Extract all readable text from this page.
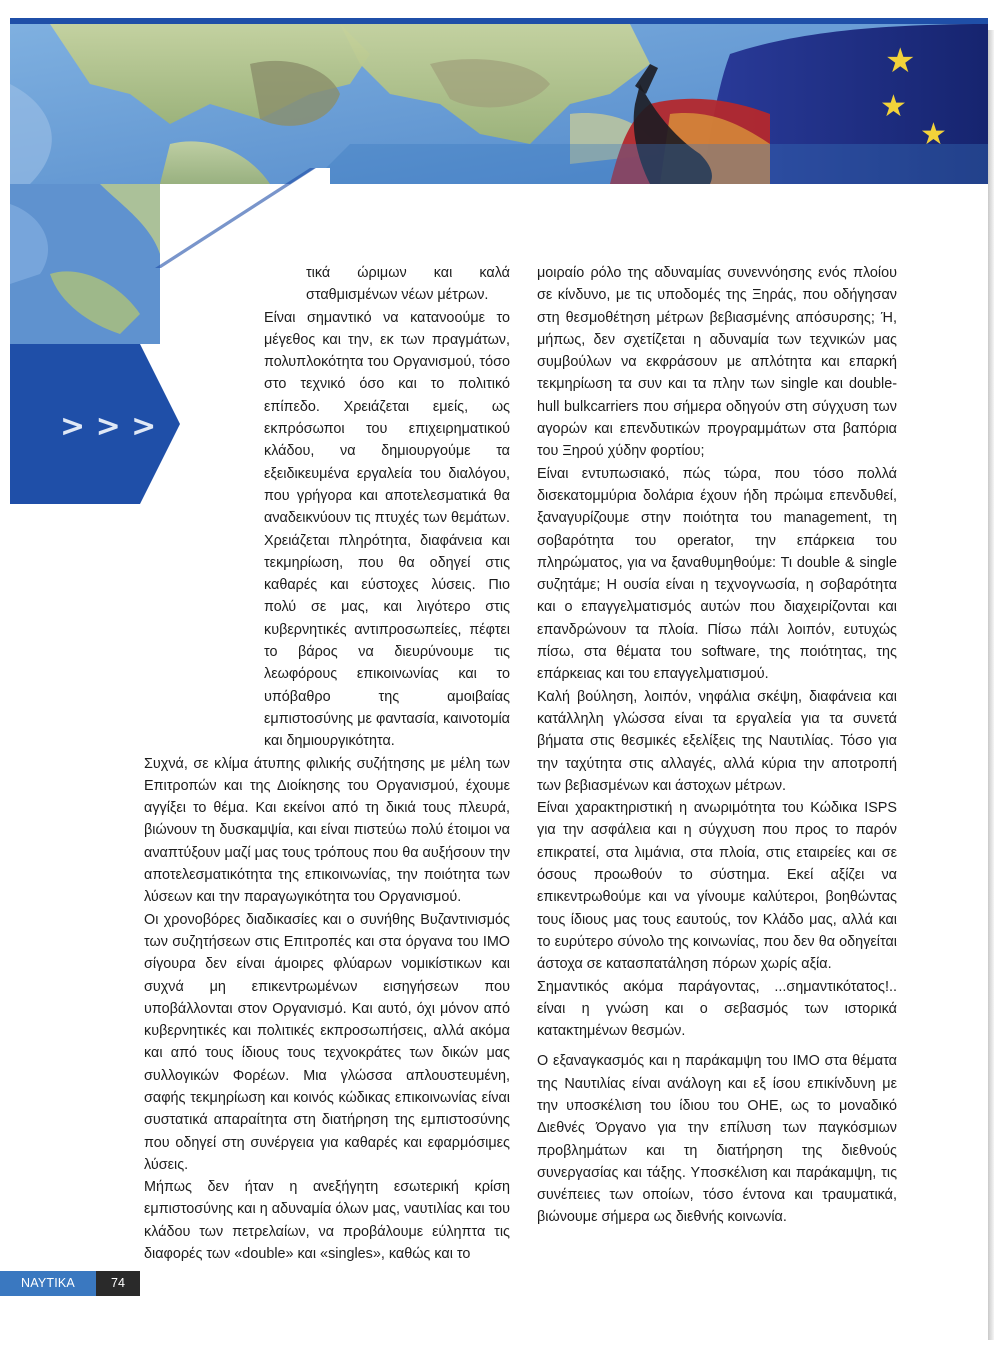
★
★
★
> > >

τικά ώριμων και καλά σταθμισμένων νέων μέτρων.

Είναι σημαντικό να κατανοούμε το μέγεθος και την, εκ των πραγμάτων, πολυπλοκότητα του Οργανισμού, τόσο στο τεχνικό όσο και το πολιτικό επίπεδο. Χρειάζεται εμείς, ως εκπρόσωποι του επιχειρηματικού κλάδου, να δημιουργούμε τα εξειδικευμένα εργαλεία του διαλόγου, που γρήγορα και αποτελεσματικά θα αναδεικνύουν τις πτυχές των θεμάτων. Χρειάζεται πληρότητα, διαφάνεια και τεκμηρίωση, που θα οδηγεί στις καθαρές και εύστοχες λύσεις. Πιο πολύ σε μας, και λιγότερο στις κυβερνητικές αντιπροσωπείες, πέφτει το βάρος να διευρύνουμε τις λεωφόρους επικοινωνίας και το υπόβαθρο της αμοιβαίας εμπιστοσύνης με φαντασία, καινοτομία και δημιουργικότητα.

Συχνά, σε κλίμα άτυπης φιλικής συζήτησης με μέλη των Επιτροπών και της Διοίκησης του Οργανισμού, έχουμε αγγίξει το θέμα. Και εκείνοι από τη δικιά τους πλευρά, βιώνουν τη δυσκαμψία, και είναι πιστεύω πολύ έτοιμοι να αναπτύξουν μαζί μας τους τρόπους που θα αυξήσουν την αποτελεσματικότητα της επικοινωνίας, την ποιότητα των λύσεων και την παραγωγικότητα του Οργανισμού.

Οι χρονοβόρες διαδικασίες και ο συνήθης Βυζαντινισμός των συζητήσεων στις Επιτροπές και στα όργανα του ΙΜΟ σίγουρα δεν είναι άμοιρες φλύαρων νομικίστικων και συχνά μη επικεντρωμένων εισηγήσεων που υποβάλλονται στον Οργανισμό. Και αυτό, όχι μόνον από κυβερνητικές και πολιτικές εκπροσωπήσεις, αλλά ακόμα και από τους ίδιους τους τεχνοκράτες των δικών μας συλλογικών Φορέων. Μια γλώσσα απλουστευμένη, σαφής τεκμηρίωση και κοινός κώδικας επικοινωνίας είναι συστατικά απαραίτητα στη διατήρηση της εμπιστοσύνης που οδηγεί στη συνέργεια για καθαρές και εφαρμόσιμες λύσεις.

Μήπως δεν ήταν η ανεξήγητη εσωτερική κρίση εμπιστοσύνης και η αδυναμία όλων μας, ναυτιλίας και του κλάδου των πετρελαίων, να προβάλουμε εύληπτα τις διαφορές των «double» και «singles», καθώς και το

μοιραίο ρόλο της αδυναμίας συνεννόησης ενός πλοίου σε κίνδυνο, με τις υποδομές της Ξηράς, που οδήγησαν στη θεσμοθέτηση μέτρων βεβιασμένης απόσυρσης; Ή, μήπως, δεν σχετίζεται η αδυναμία των τεχνικών μας συμβούλων να εκφράσουν με απλότητα και επαρκή τεκμηρίωση τα συν και τα πλην των single και double-hull bulkcarriers που σήμερα οδηγούν στη σύγχυση των αγορών και επενδυτικών προγραμμάτων στα βαπόρια του Ξηρού χύδην φορτίου;

Είναι εντυπωσιακό, πώς τώρα, που τόσο πολλά δισεκατομμύρια δολάρια έχουν ήδη πρώιμα επενδυθεί, ξαναγυρίζουμε στην ποιότητα του management, τη σοβαρότητα του operator, την επάρκεια του πληρώματος, για να ξαναθυμηθούμε: Τι double & single συζητάμε; Η ουσία είναι η τεχνογνωσία, η σοβαρότητα και ο επαγγελματισμός αυτών που διαχειρίζονται και επανδρώνουν τα πλοία. Πίσω πάλι λοιπόν, ευτυχώς πίσω, στα θέματα του software, της ποιότητας, της επάρκειας και του επαγγελματισμού.

Καλή βούληση, λοιπόν, νηφάλια σκέψη, διαφάνεια και κατάλληλη γλώσσα είναι τα εργαλεία για τα συνετά βήματα στις θεσμικές εξελίξεις της Ναυτιλίας. Τόσο για την ταχύτητα στις αλλαγές, αλλά κύρια την αποτροπή των βεβιασμένων και άστοχων μέτρων.

Είναι χαρακτηριστική η ανωριμότητα του Κώδικα ISPS για την ασφάλεια και η σύγχυση που προς το παρόν επικρατεί, στα λιμάνια, στα πλοία, στις εταιρείες και σε όσους προωθούν το σύστημα. Εκεί αξίζει να επικεντρωθούμε και να γίνουμε καλύτεροι, βοηθώντας τους ίδιους μας τους εαυτούς, τον Κλάδο μας, αλλά και το ευρύτερο σύνολο της κοινωνίας, που δεν θα οδηγείται άστοχα σε κατασπατάληση πόρων χωρίς αξία.

Σημαντικός ακόμα παράγοντας, ...σημαντικότατος!.. είναι η γνώση και ο σεβασμός των ιστορικά κατακτημένων θεσμών.

Ο εξαναγκασμός και η παράκαμψη του ΙΜΟ στα θέματα της Ναυτιλίας είναι ανάλογη και εξ ίσου επικίνδυνη με την υποσκέλιση του ίδιου του ΟΗΕ, ως το μοναδικό Διεθνές Όργανο για την επίλυση των παγκόσμιων προβλημάτων και τη διατήρηση της διεθνούς συνεργασίας και τάξης. Υποσκέλιση και παράκαμψη, τις συνέπειες των οποίων, τόσο έντονα και τραυματικά, βιώνουμε σήμερα ως διεθνής κοινωνία.

ΝΑΥΤΙΚΑ ΧΡΟΝΙΚΑ
74
